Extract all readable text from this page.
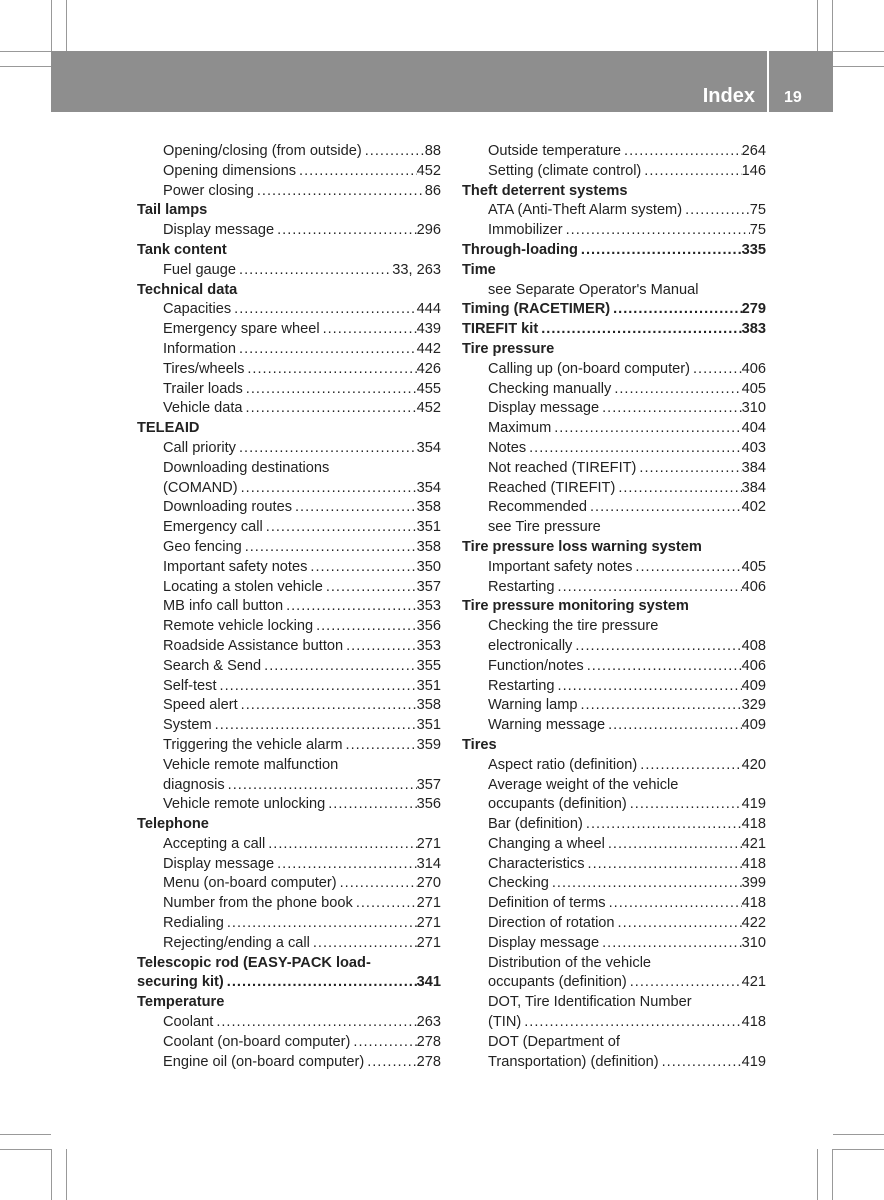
Index 19
Opening/closing (from outside) .....	88
Opening dimensions .....	452
Power closing .....	86
Tail lamps
Display message .....	296
Tank content
Fuel gauge .....	33, 263
Technical data
Capacities .....	444
Emergency spare wheel .....	439
Information .....	442
Tires/wheels .....	426
Trailer loads .....	455
Vehicle data .....	452
TELEAID
Call priority .....	354
Downloading destinations
(COMAND) .....	354
Downloading routes .....	358
Emergency call .....	351
Geo fencing .....	358
Important safety notes .....	350
Locating a stolen vehicle .....	357
MB info call button .....	353
Remote vehicle locking .....	356
Roadside Assistance button .....	353
Search & Send .....	355
Self-test .....	351
Speed alert .....	358
System .....	351
Triggering the vehicle alarm .....	359
Vehicle remote malfunction
diagnosis .....	357
Vehicle remote unlocking .....	356
Telephone
Accepting a call .....	271
Display message .....	314
Menu (on-board computer) .....	270
Number from the phone book .....	271
Redialing .....	271
Rejecting/ending a call .....	271
Telescopic rod (EASY-PACK load-
securing kit) .....	341
Temperature
Coolant .....	263
Coolant (on-board computer) .....	278
Engine oil (on-board computer) .....	278
Outside temperature .....	264
Setting (climate control) .....	146
Theft deterrent systems
ATA (Anti-Theft Alarm system) .....	75
Immobilizer .....	75
Through-loading .....	335
Time
see Separate Operator's Manual
Timing (RACETIMER) .....	279
TIREFIT kit .....	383
Tire pressure
Calling up (on-board computer) .....	406
Checking manually .....	405
Display message .....	310
Maximum .....	404
Notes .....	403
Not reached (TIREFIT) .....	384
Reached (TIREFIT) .....	384
Recommended .....	402
see Tire pressure
Tire pressure loss warning system
Important safety notes .....	405
Restarting .....	406
Tire pressure monitoring system
Checking the tire pressure
electronically .....	408
Function/notes .....	406
Restarting .....	409
Warning lamp .....	329
Warning message .....	409
Tires
Aspect ratio (definition) .....	420
Average weight of the vehicle
occupants (definition) .....	419
Bar (definition) .....	418
Changing a wheel .....	421
Characteristics .....	418
Checking .....	399
Definition of terms .....	418
Direction of rotation .....	422
Display message .....	310
Distribution of the vehicle
occupants (definition) .....	421
DOT, Tire Identification Number
(TIN) .....	418
DOT (Department of
Transportation) (definition) .....	419
